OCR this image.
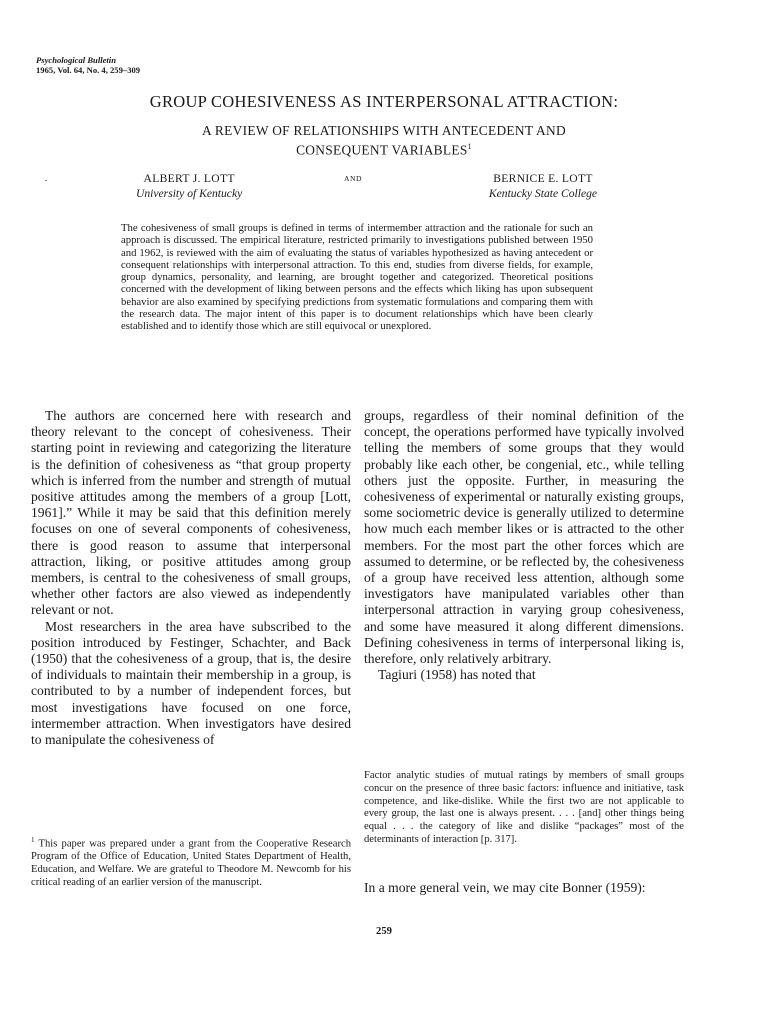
Psychological Bulletin
1965, Vol. 64, No. 4, 259–309
GROUP COHESIVENESS AS INTERPERSONAL ATTRACTION:
A REVIEW OF RELATIONSHIPS WITH ANTECEDENT AND
CONSEQUENT VARIABLES$^1$
ALBERT J. LOTT
University of Kentucky
AND	BERNICE E. LOTT
Kentucky State College
The cohesiveness of small groups is defined in terms of intermember attraction and the rationale for such an approach is discussed. The empirical literature, restricted primarily to investigations published between 1950 and 1962, is reviewed with the aim of evaluating the status of variables hypothesized as having antecedent or consequent relationships with interpersonal attraction. To this end, studies from diverse fields, for example, group dynamics, personality, and learning, are brought together and categorized. Theoretical positions concerned with the development of liking between persons and the effects which liking has upon subsequent behavior are also examined by specifying predictions from systematic formulations and comparing them with the research data. The major intent of this paper is to document relationships which have been clearly established and to identify those which are still equivocal or unexplored.

The authors are concerned here with research and theory relevant to the concept of cohesiveness. Their starting point in reviewing and categorizing the literature is the definition of cohesiveness as “that group property which is inferred from the number and strength of mutual positive attitudes among the members of a group [Lott, 1961].” While it may be said that this definition merely focuses on one of several components of cohesiveness, there is good reason to assume that interpersonal attraction, liking, or positive attitudes among group members, is central to the cohesiveness of small groups, whether other factors are also viewed as independently relevant or not.

Most researchers in the area have subscribed to the position introduced by Festinger, Schachter, and Back (1950) that the cohesiveness of a group, that is, the desire of individuals to maintain their membership in a group, is contributed to by a number of independent forces, but most investigations have focused on one force, intermember attraction. When investigators have desired to manipulate the cohesiveness of

$^1$ This paper was prepared under a grant from the Cooperative Research Program of the Office of Education, United States Department of Health, Education, and Welfare. We are grateful to Theodore M. Newcomb for his critical reading of an earlier version of the manuscript.

groups, regardless of their nominal definition of the concept, the operations performed have typically involved telling the members of some groups that they would probably like each other, be congenial, etc., while telling others just the opposite. Further, in measuring the cohesiveness of experimental or naturally existing groups, some sociometric device is generally utilized to determine how much each member likes or is attracted to the other members. For the most part the other forces which are assumed to determine, or be reflected by, the cohesiveness of a group have received less attention, although some investigators have manipulated variables other than interpersonal attraction in varying group cohesiveness, and some have measured it along different dimensions. Defining cohesiveness in terms of interpersonal liking is, therefore, only relatively arbitrary.

Tagiuri (1958) has noted that

Factor analytic studies of mutual ratings by members of small groups concur on the presence of three basic factors: influence and initiative, task competence, and like-dislike. While the first two are not applicable to every group, the last one is always present. . . . [and] other things being equal . . . the category of like and dislike “packages” most of the determinants of interaction [p. 317].
In a more general vein, we may cite Bonner (1959):
259
